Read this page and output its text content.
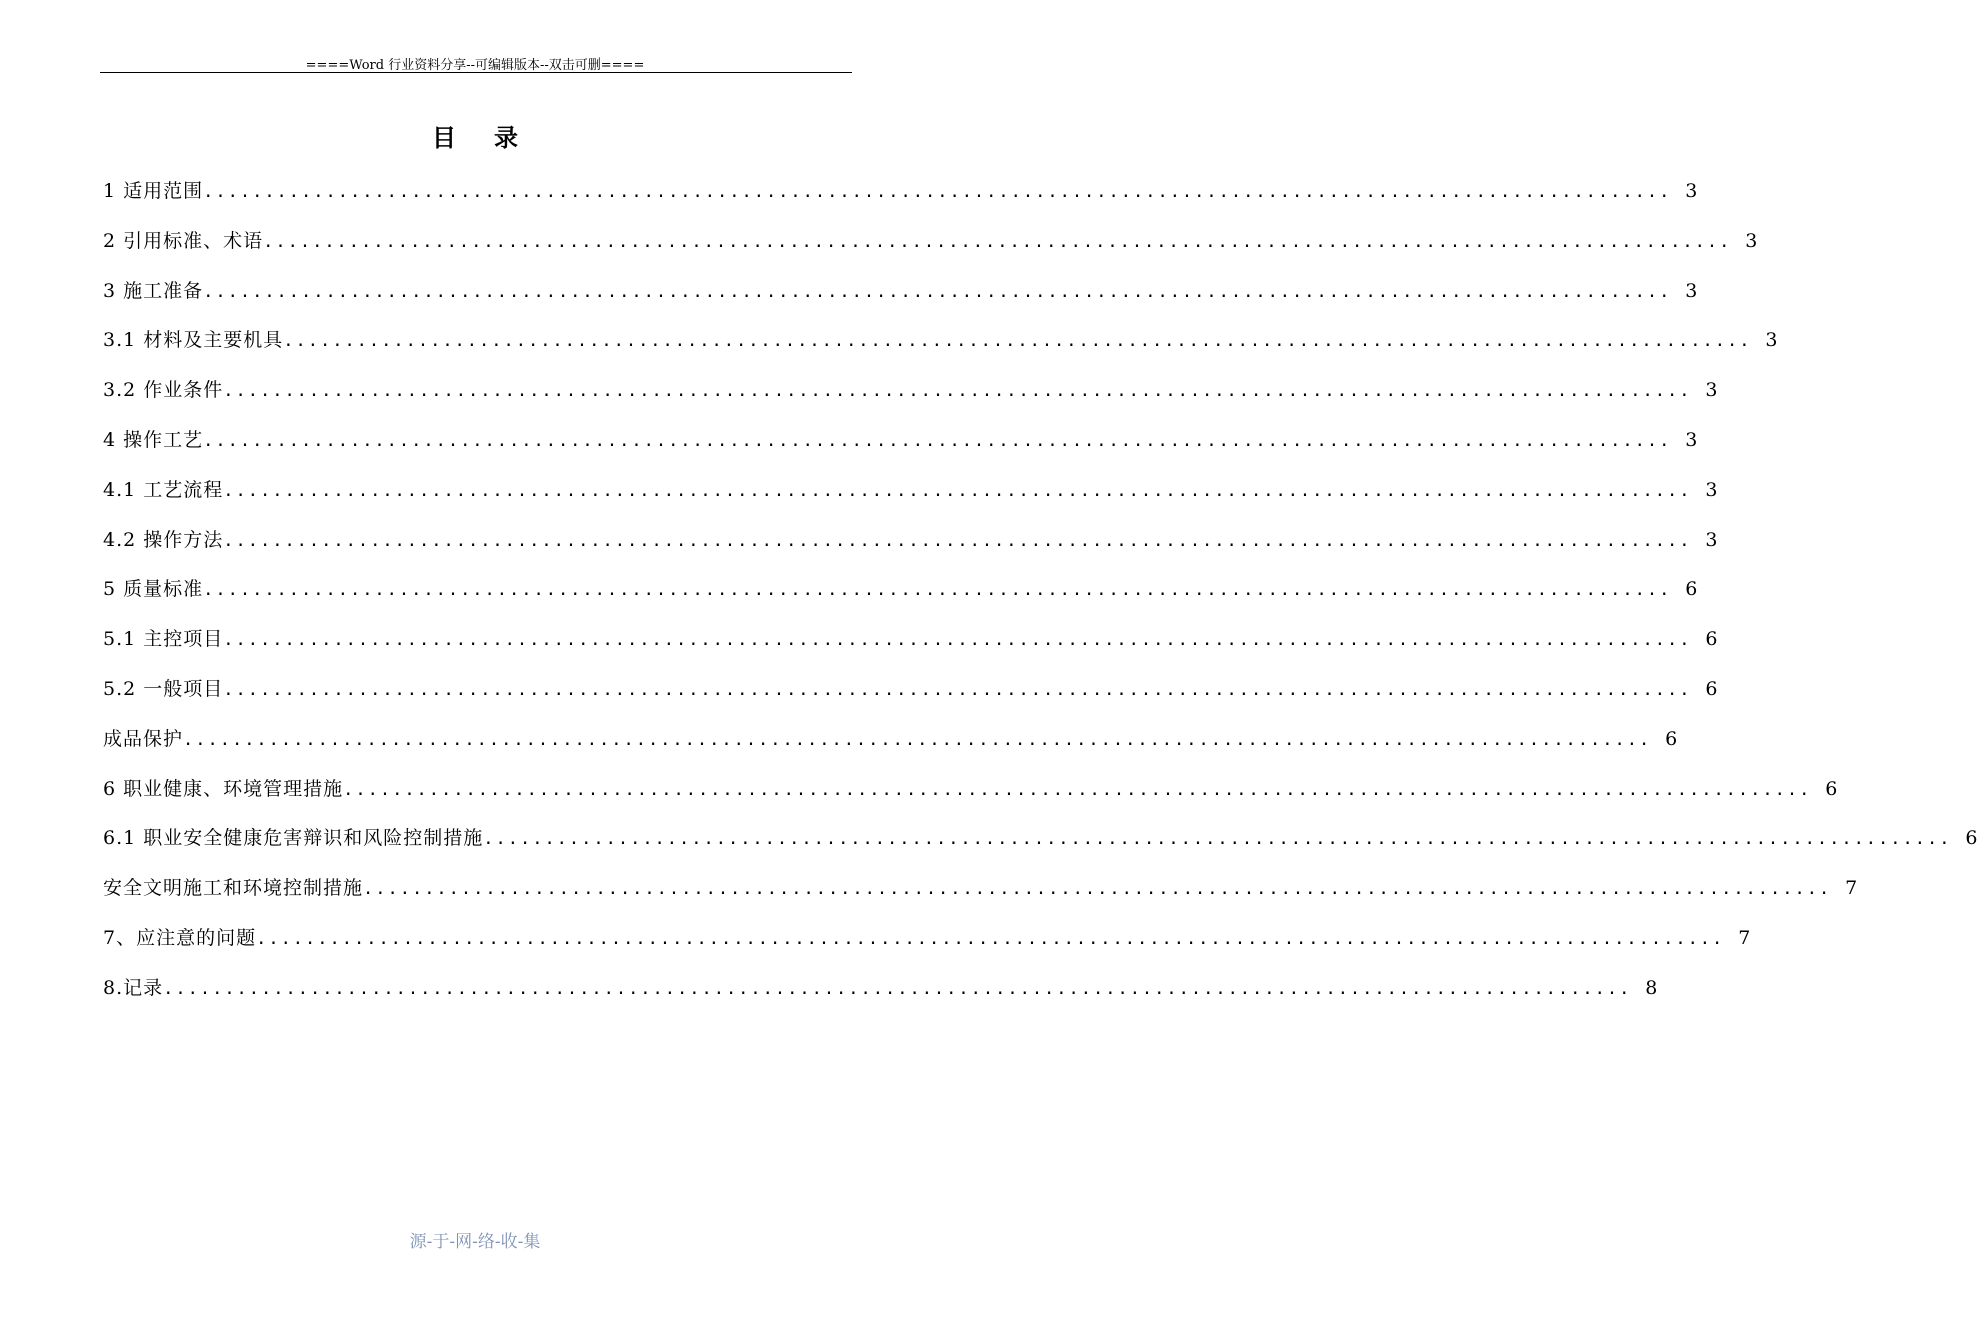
====Word 行业资料分享--可编辑版本--双击可删====
目录
1 适用范围 ........................................................................................................................ 3
2 引用标准、术语 ........................................................................................................................ 3
3 施工准备 ........................................................................................................................ 3
3.1 材料及主要机具 ........................................................................................................................ 3
3.2 作业条件 ........................................................................................................................ 3
4 操作工艺 ........................................................................................................................ 3
4.1 工艺流程 ........................................................................................................................ 3
4.2 操作方法 ........................................................................................................................ 3
5 质量标准 ........................................................................................................................ 6
5.1 主控项目 ........................................................................................................................ 6
5.2 一般项目 ........................................................................................................................ 6
成品保护 ........................................................................................................................ 6
6 职业健康、环境管理措施 ........................................................................................................................ 6
6.1 职业安全健康危害辩识和风险控制措施 ........................................................................................................................ 6
安全文明施工和环境控制措施 ........................................................................................................................ 7
7、应注意的问题 ........................................................................................................................ 7
8.记录 ........................................................................................................................ 8
源-于-网-络-收-集
